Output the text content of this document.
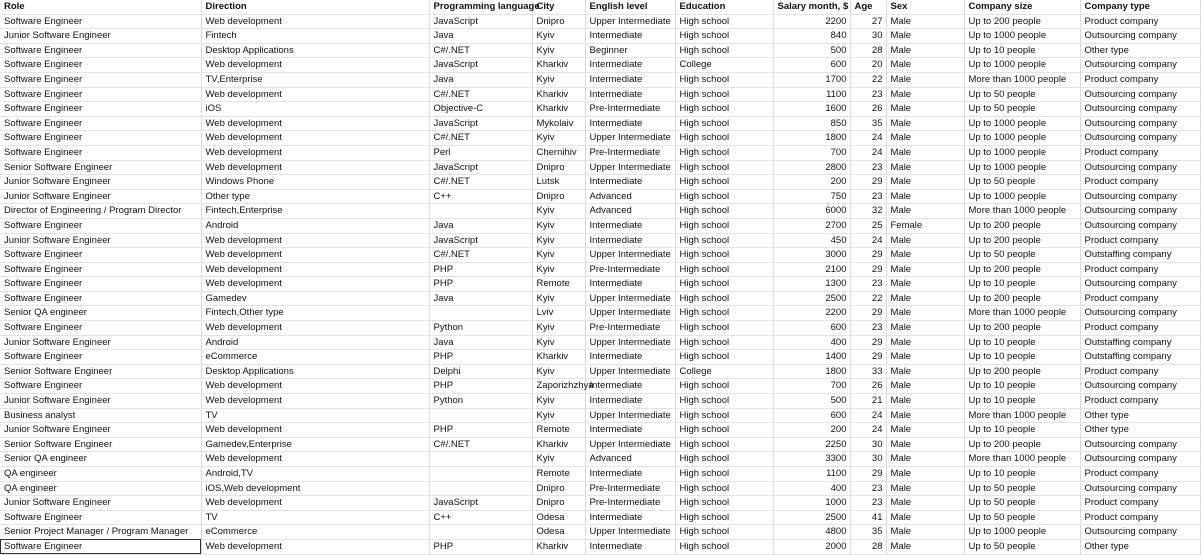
Role	Direction	Programming language	City	English level	Education	Salary month, $	Age	Sex	Company size	Company type
Software Engineer	Web development	JavaScript	Dnipro	Upper Intermediate	High school	2200	27	Male	Up to 200 people	Product company
Junior Software Engineer	Fintech	Java	Kyiv	Intermediate	High school	840	30	Male	Up to 1000 people	Outsourcing company
Software Engineer	Desktop Applications	C#/.NET	Kyiv	Beginner	High school	500	28	Male	Up to 10 people	Other type
Software Engineer	Web development	JavaScript	Kharkiv	Intermediate	College	600	20	Male	Up to 1000 people	Outsourcing company
Software Engineer	TV,Enterprise	Java	Kyiv	Intermediate	High school	1700	22	Male	More than 1000 people	Product company
Software Engineer	Web development	C#/.NET	Kharkiv	Intermediate	High school	1100	23	Male	Up to 50 people	Outsourcing company
Software Engineer	iOS	Objective-C	Kharkiv	Pre-Intermediate	High school	1600	26	Male	Up to 50 people	Outsourcing company
Software Engineer	Web development	JavaScript	Mykolaiv	Intermediate	High school	850	35	Male	Up to 1000 people	Outsourcing company
Software Engineer	Web development	C#/.NET	Kyiv	Upper Intermediate	High school	1800	24	Male	Up to 1000 people	Outsourcing company
Software Engineer	Web development	Perl	Chernihiv	Pre-Intermediate	High school	700	24	Male	Up to 1000 people	Product company
Senior Software Engineer	Web development	JavaScript	Dnipro	Upper Intermediate	High school	2800	23	Male	Up to 1000 people	Outsourcing company
Junior Software Engineer	Windows Phone	C#/.NET	Lutsk	Intermediate	High school	200	29	Male	Up to 50 people	Product company
Junior Software Engineer	Other type	C++	Dnipro	Advanced	High school	750	23	Male	Up to 1000 people	Outsourcing company
Director of Engineering / Program Director	Fintech,Enterprise		Kyiv	Advanced	High school	6000	32	Male	More than 1000 people	Outsourcing company
Software Engineer	Android	Java	Kyiv	Intermediate	High school	2700	25	Female	Up to 200 people	Outsourcing company
Junior Software Engineer	Web development	JavaScript	Kyiv	Intermediate	High school	450	24	Male	Up to 200 people	Product company
Software Engineer	Web development	C#/.NET	Kyiv	Upper Intermediate	High school	3000	29	Male	Up to 50 people	Outstaffing company
Software Engineer	Web development	PHP	Kyiv	Pre-Intermediate	High school	2100	29	Male	Up to 200 people	Product company
Software Engineer	Web development	PHP	Remote	Intermediate	High school	1300	23	Male	Up to 10 people	Outsourcing company
Software Engineer	Gamedev	Java	Kyiv	Upper Intermediate	High school	2500	22	Male	Up to 200 people	Product company
Senior QA engineer	Fintech,Other type		Lviv	Upper Intermediate	High school	2200	29	Male	More than 1000 people	Outsourcing company
Software Engineer	Web development	Python	Kyiv	Pre-Intermediate	High school	600	23	Male	Up to 200 people	Product company
Junior Software Engineer	Android	Java	Kyiv	Upper Intermediate	High school	400	29	Male	Up to 10 people	Outstaffing company
Software Engineer	eCommerce	PHP	Kharkiv	Intermediate	High school	1400	29	Male	Up to 10 people	Outstaffing company
Senior Software Engineer	Desktop Applications	Delphi	Kyiv	Upper Intermediate	College	1800	33	Male	Up to 200 people	Product company
Software Engineer	Web development	PHP	Zaporizhzhya	Intermediate	High school	700	26	Male	Up to 10 people	Outsourcing company
Junior Software Engineer	Web development	Python	Kyiv	Intermediate	High school	500	21	Male	Up to 10 people	Product company
Business analyst	TV		Kyiv	Upper Intermediate	High school	600	24	Male	More than 1000 people	Other type
Junior Software Engineer	Web development	PHP	Remote	Intermediate	High school	200	24	Male	Up to 10 people	Other type
Senior Software Engineer	Gamedev,Enterprise	C#/.NET	Kharkiv	Upper Intermediate	High school	2250	30	Male	Up to 200 people	Outsourcing company
Senior QA engineer	Web development		Kyiv	Advanced	High school	3300	30	Male	More than 1000 people	Outsourcing company
QA engineer	Android,TV		Remote	Intermediate	High school	1100	29	Male	Up to 10 people	Product company
QA engineer	iOS,Web development		Dnipro	Pre-Intermediate	High school	400	23	Male	Up to 50 people	Outsourcing company
Junior Software Engineer	Web development	JavaScript	Dnipro	Pre-Intermediate	High school	1000	23	Male	Up to 50 people	Product company
Software Engineer	TV	C++	Odesa	Intermediate	High school	2500	41	Male	Up to 50 people	Product company
Senior Project Manager / Program Manager	eCommerce		Odesa	Upper Intermediate	High school	4800	35	Male	Up to 1000 people	Outsourcing company
Software Engineer	Web development	PHP	Kharkiv	Intermediate	High school	2000	28	Male	Up to 50 people	Other type
